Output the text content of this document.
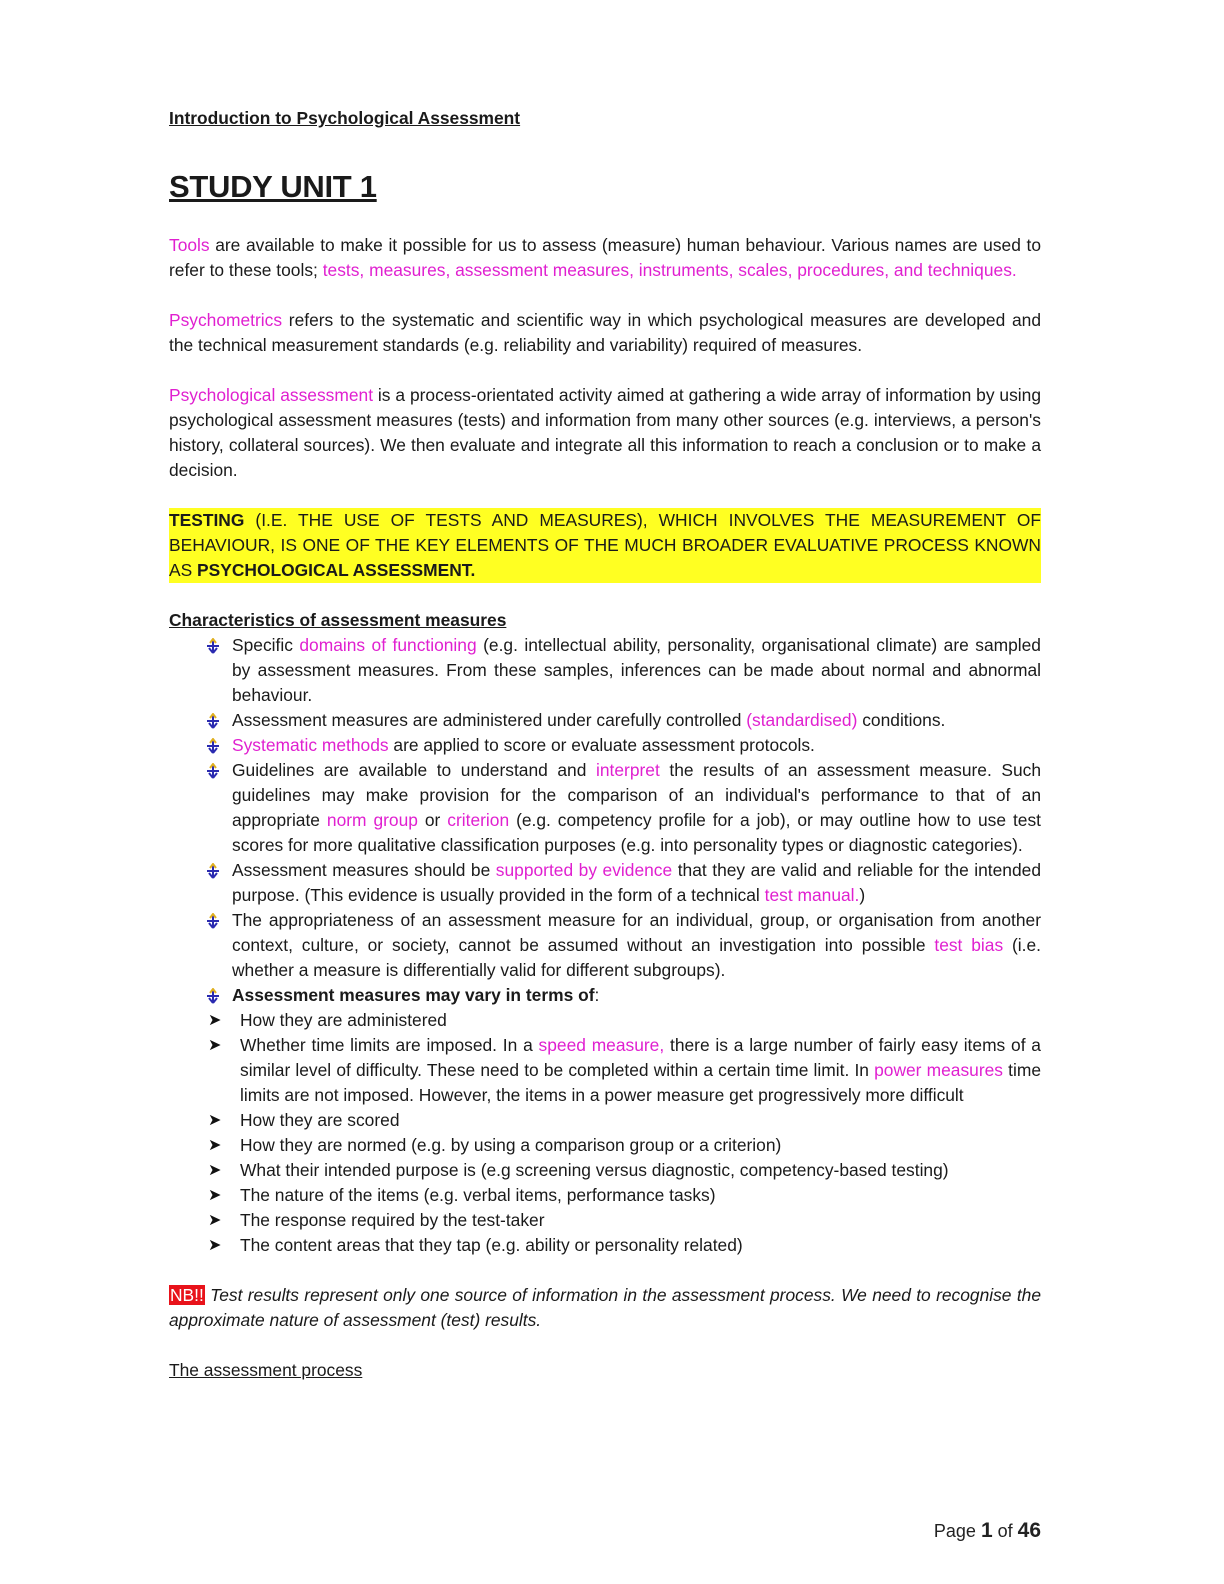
Introduction to Psychological Assessment

STUDY UNIT 1

Tools are available to make it possible for us to assess (measure) human behaviour. Various names are used to refer to these tools; tests, measures, assessment measures, instruments, scales, procedures, and techniques.

Psychometrics refers to the systematic and scientific way in which psychological measures are developed and the technical measurement standards (e.g. reliability and variability) required of measures.

Psychological assessment is a process-orientated activity aimed at gathering a wide array of information by using psychological assessment measures (tests) and information from many other sources (e.g. interviews, a person's history, collateral sources). We then evaluate and integrate all this information to reach a conclusion or to make a decision.

TESTING (I.E. THE USE OF TESTS AND MEASURES), WHICH INVOLVES THE MEASUREMENT OF BEHAVIOUR, IS ONE OF THE KEY ELEMENTS OF THE MUCH BROADER EVALUATIVE PROCESS KNOWN AS PSYCHOLOGICAL ASSESSMENT.

Characteristics of assessment measures

Specific domains of functioning (e.g. intellectual ability, personality, organisational climate) are sampled by assessment measures. From these samples, inferences can be made about normal and abnormal behaviour.
Assessment measures are administered under carefully controlled (standardised) conditions.
Systematic methods are applied to score or evaluate assessment protocols.
Guidelines are available to understand and interpret the results of an assessment measure. Such guidelines may make provision for the comparison of an individual's performance to that of an appropriate norm group or criterion (e.g. competency profile for a job), or may outline how to use test scores for more qualitative classification purposes (e.g. into personality types or diagnostic categories).
Assessment measures should be supported by evidence that they are valid and reliable for the intended purpose. (This evidence is usually provided in the form of a technical test manual.)
The appropriateness of an assessment measure for an individual, group, or organisation from another context, culture, or society, cannot be assumed without an investigation into possible test bias (i.e. whether a measure is differentially valid for different subgroups).
Assessment measures may vary in terms of:
➤ How they are administered
➤ Whether time limits are imposed. In a speed measure, there is a large number of fairly easy items of a similar level of difficulty. These need to be completed within a certain time limit. In power measures time limits are not imposed. However, the items in a power measure get progressively more difficult
➤ How they are scored
➤ How they are normed (e.g. by using a comparison group or a criterion)
➤ What their intended purpose is (e.g screening versus diagnostic, competency-based testing)
➤ The nature of the items (e.g. verbal items, performance tasks)
➤ The response required by the test-taker
➤ The content areas that they tap (e.g. ability or personality related)

NB!! Test results represent only one source of information in the assessment process. We need to recognise the approximate nature of assessment (test) results.

The assessment process

Page 1 of 46
